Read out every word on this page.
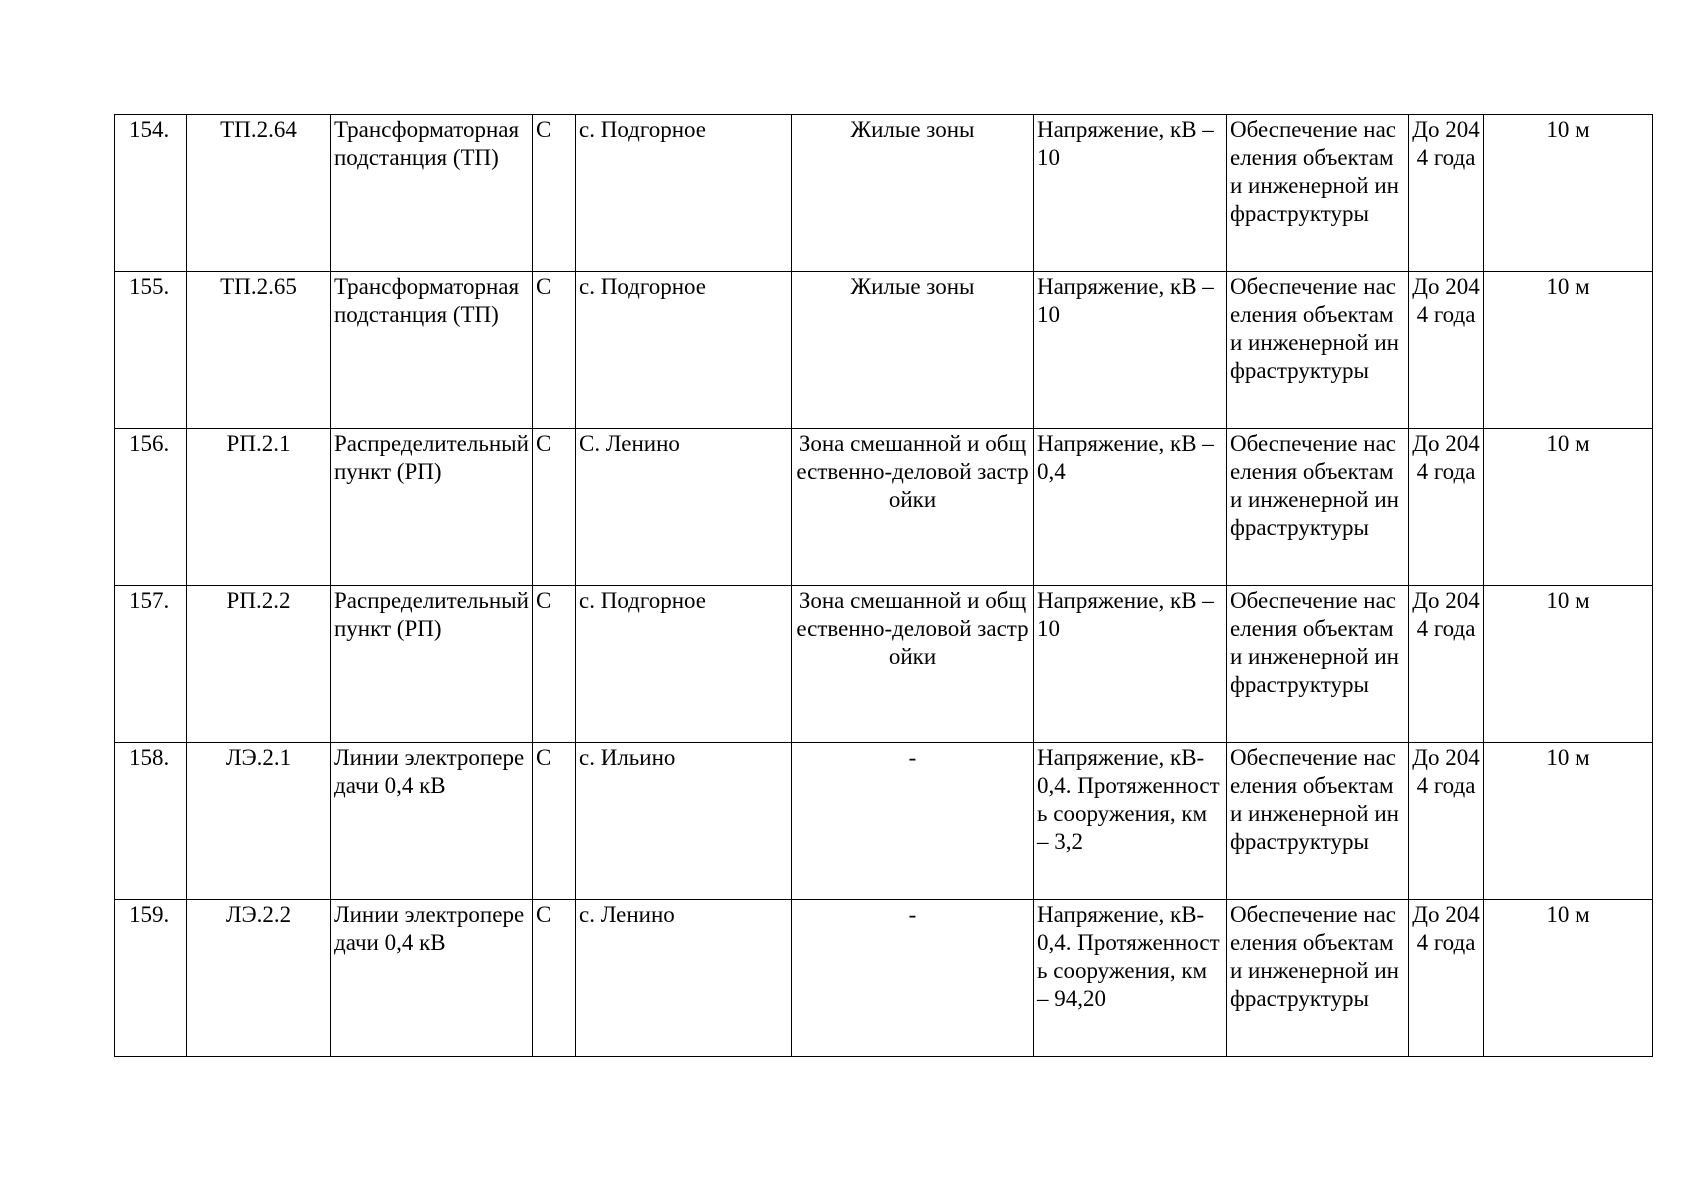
154.	ТП.2.64	Трансформаторная подстанция (ТП)	С	с. Подгорное	Жилые зоны	Напряжение, кВ – 10	Обеспечение населения объектами инженерной инфраструктуры	До 2044 года	10 м
155.	ТП.2.65	Трансформаторная подстанция (ТП)	С	с. Подгорное	Жилые зоны	Напряжение, кВ – 10	Обеспечение населения объектами инженерной инфраструктуры	До 2044 года	10 м
156.	РП.2.1	Распределительный пункт (РП)	С	С. Ленино	Зона смешанной и общественно-деловой застройки	Напряжение, кВ – 0,4	Обеспечение населения объектами инженерной инфраструктуры	До 2044 года	10 м
157.	РП.2.2	Распределительный пункт (РП)	С	с. Подгорное	Зона смешанной и общественно-деловой застройки	Напряжение, кВ – 10	Обеспечение населения объектами инженерной инфраструктуры	До 2044 года	10 м
158.	ЛЭ.2.1	Линии электропередачи 0,4 кВ	С	с. Ильино	-	Напряжение, кВ- 0,4. Протяженность сооружения, км – 3,2	Обеспечение населения объектами инженерной инфраструктуры	До 2044 года	10 м
159.	ЛЭ.2.2	Линии электропередачи 0,4 кВ	С	с. Ленино	-	Напряжение, кВ- 0,4. Протяженность сооружения, км – 94,20	Обеспечение населения объектами инженерной инфраструктуры	До 2044 года	10 м
